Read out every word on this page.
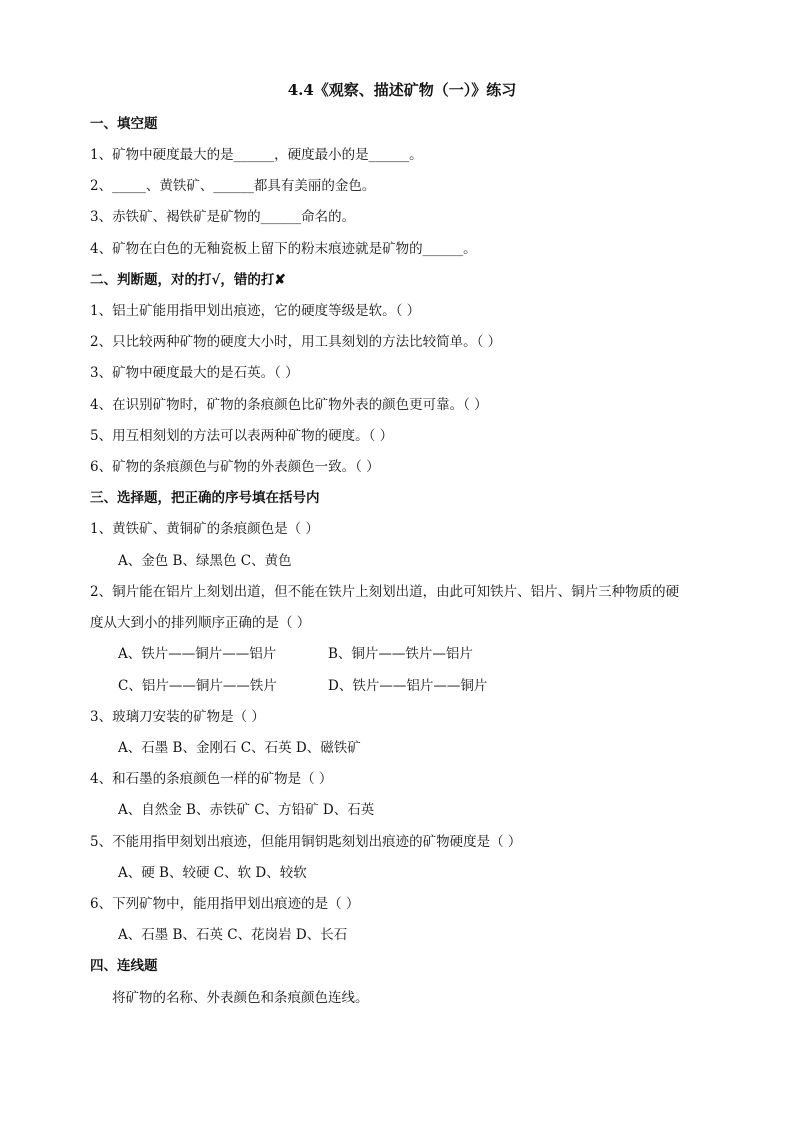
4.4《观察、描述矿物（一）》练习
一、填空题
1、矿物中硬度最大的是______，硬度最小的是______。
2、_____、黄铁矿、______都具有美丽的金色。
3、赤铁矿、褐铁矿是矿物的______命名的。
4、矿物在白色的无釉瓷板上留下的粉末痕迹就是矿物的______。
二、判断题，对的打√，错的打✘
1、铝土矿能用指甲划出痕迹，它的硬度等级是软。（ ）
2、只比较两种矿物的硬度大小时，用工具刻划的方法比较简单。（ ）
3、矿物中硬度最大的是石英。（ ）
4、在识别矿物时，矿物的条痕颜色比矿物外表的颜色更可靠。（ ）
5、用互相刻划的方法可以表两种矿物的硬度。（ ）
6、矿物的条痕颜色与矿物的外表颜色一致。（ ）
三、选择题，把正确的序号填在括号内
1、黄铁矿、黄铜矿的条痕颜色是（ ）
A、金色 B、绿黑色 C、黄色
2、铜片能在铝片上刻划出道，但不能在铁片上刻划出道，由此可知铁片、铝片、铜片三种物质的硬
度从大到小的排列顺序正确的是（ ）
A、铁片——铜片——铝片	B、铜片——铁片—铝片
C、铝片——铜片——铁片	D、铁片——铝片——铜片
3、玻璃刀安装的矿物是（ ）
A、石墨 B、金刚石 C、石英 D、磁铁矿
4、和石墨的条痕颜色一样的矿物是（ ）
A、自然金 B、赤铁矿 C、方铅矿 D、石英
5、不能用指甲刻划出痕迹，但能用铜钥匙刻划出痕迹的矿物硬度是（ ）
A、硬 B、较硬 C、软 D、较软
6、下列矿物中，能用指甲划出痕迹的是（ ）
A、石墨 B、石英 C、花岗岩 D、长石
四、连线题
将矿物的名称、外表颜色和条痕颜色连线。
